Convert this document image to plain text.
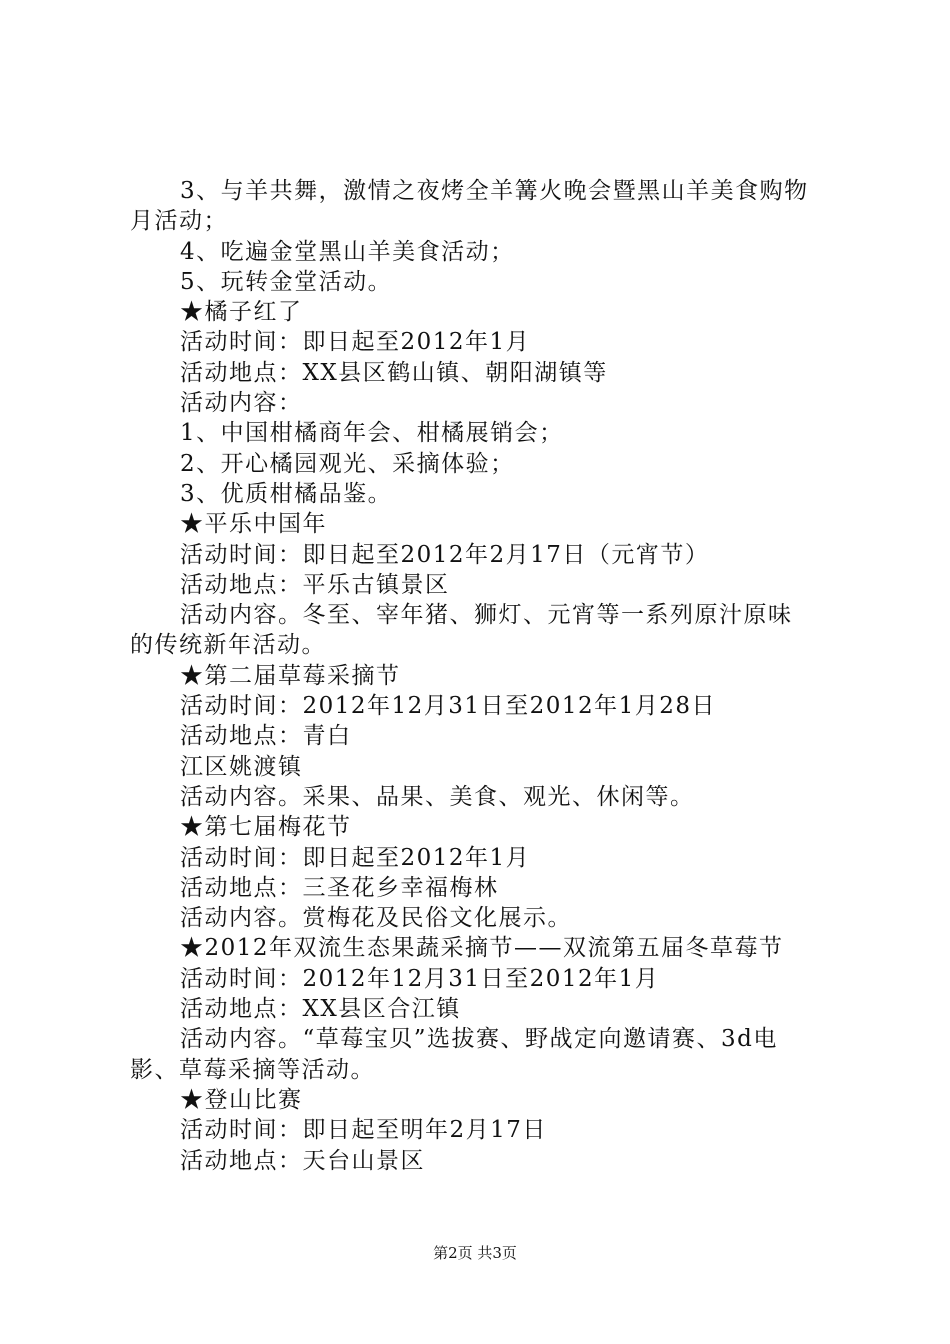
3、与羊共舞，激情之夜烤全羊篝火晚会暨黑山羊美食购物
月活动；
4、吃遍金堂黑山羊美食活动；
5、玩转金堂活动。
★橘子红了
活动时间：即日起至2012年1月
活动地点：XX县区鹤山镇、朝阳湖镇等
活动内容：
1、中国柑橘商年会、柑橘展销会；
2、开心橘园观光、采摘体验；
3、优质柑橘品鉴。
★平乐中国年
活动时间：即日起至2012年2月17日（元宵节）
活动地点：平乐古镇景区
活动内容。冬至、宰年猪、狮灯、元宵等一系列原汁原味
的传统新年活动。
★第二届草莓采摘节
活动时间：2012年12月31日至2012年1月28日
活动地点：青白
江区姚渡镇
活动内容。采果、品果、美食、观光、休闲等。
★第七届梅花节
活动时间：即日起至2012年1月
活动地点：三圣花乡幸福梅林
活动内容。赏梅花及民俗文化展示。
★2012年双流生态果蔬采摘节——双流第五届冬草莓节
活动时间：2012年12月31日至2012年1月
活动地点：XX县区合江镇
活动内容。“草莓宝贝”选拔赛、野战定向邀请赛、3d电
影、草莓采摘等活动。
★登山比赛
活动时间：即日起至明年2月17日
活动地点：天台山景区
第2页 共3页
